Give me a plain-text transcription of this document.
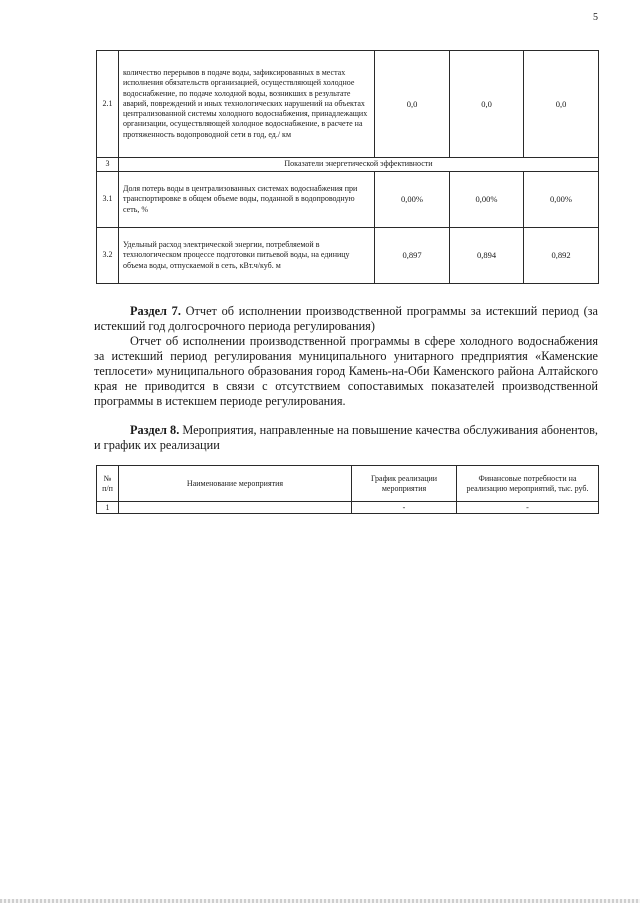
5
2.1	количество перерывов в подаче воды, зафиксированных в местах исполнения обязательств организацией, осуществляющей холодное водоснабжение, по подаче холодной воды, возникших в результате аварий, повреждений и иных технологических нарушений на объектах централизованной системы холодного водоснабжения, принадлежащих организации, осуществляющей холодное водоснабжение, в расчете на протяженность водопроводной сети в год, ед./ км	0,0	0,0	0,0
3	Показатели энергетической эффективности			
3.1	Доля потерь воды в централизованных системах водоснабжения при транспортировке в общем объеме воды, поданной в водопроводную сеть, %	0,00%	0,00%	0,00%
3.2	Удельный расход электрической энергии, потребляемой в технологическом процессе подготовки питьевой воды, на единицу объема воды, отпускаемой в сеть, кВт.ч/куб. м	0,897	0,894	0,892

Раздел 7. Отчет об исполнении производственной программы за истекший период (за истекший год долгосрочного периода регулирования)

Отчет об исполнении производственной программы в сфере холодного водоснабжения за истекший период регулирования муниципального унитарного предприятия «Каменские теплосети» муниципального образования город Камень-на-Оби Каменского района Алтайского края не приводится в связи с отсутствием сопоставимых показателей производственной программы в истекшем периоде регулирования.

Раздел 8. Мероприятия, направленные на повышение качества обслуживания абонентов, и график их реализации

№ п/п	Наименование мероприятия	График реализации мероприятия	Финансовые потребности на реализацию мероприятий, тыс. руб.
1		-	-
